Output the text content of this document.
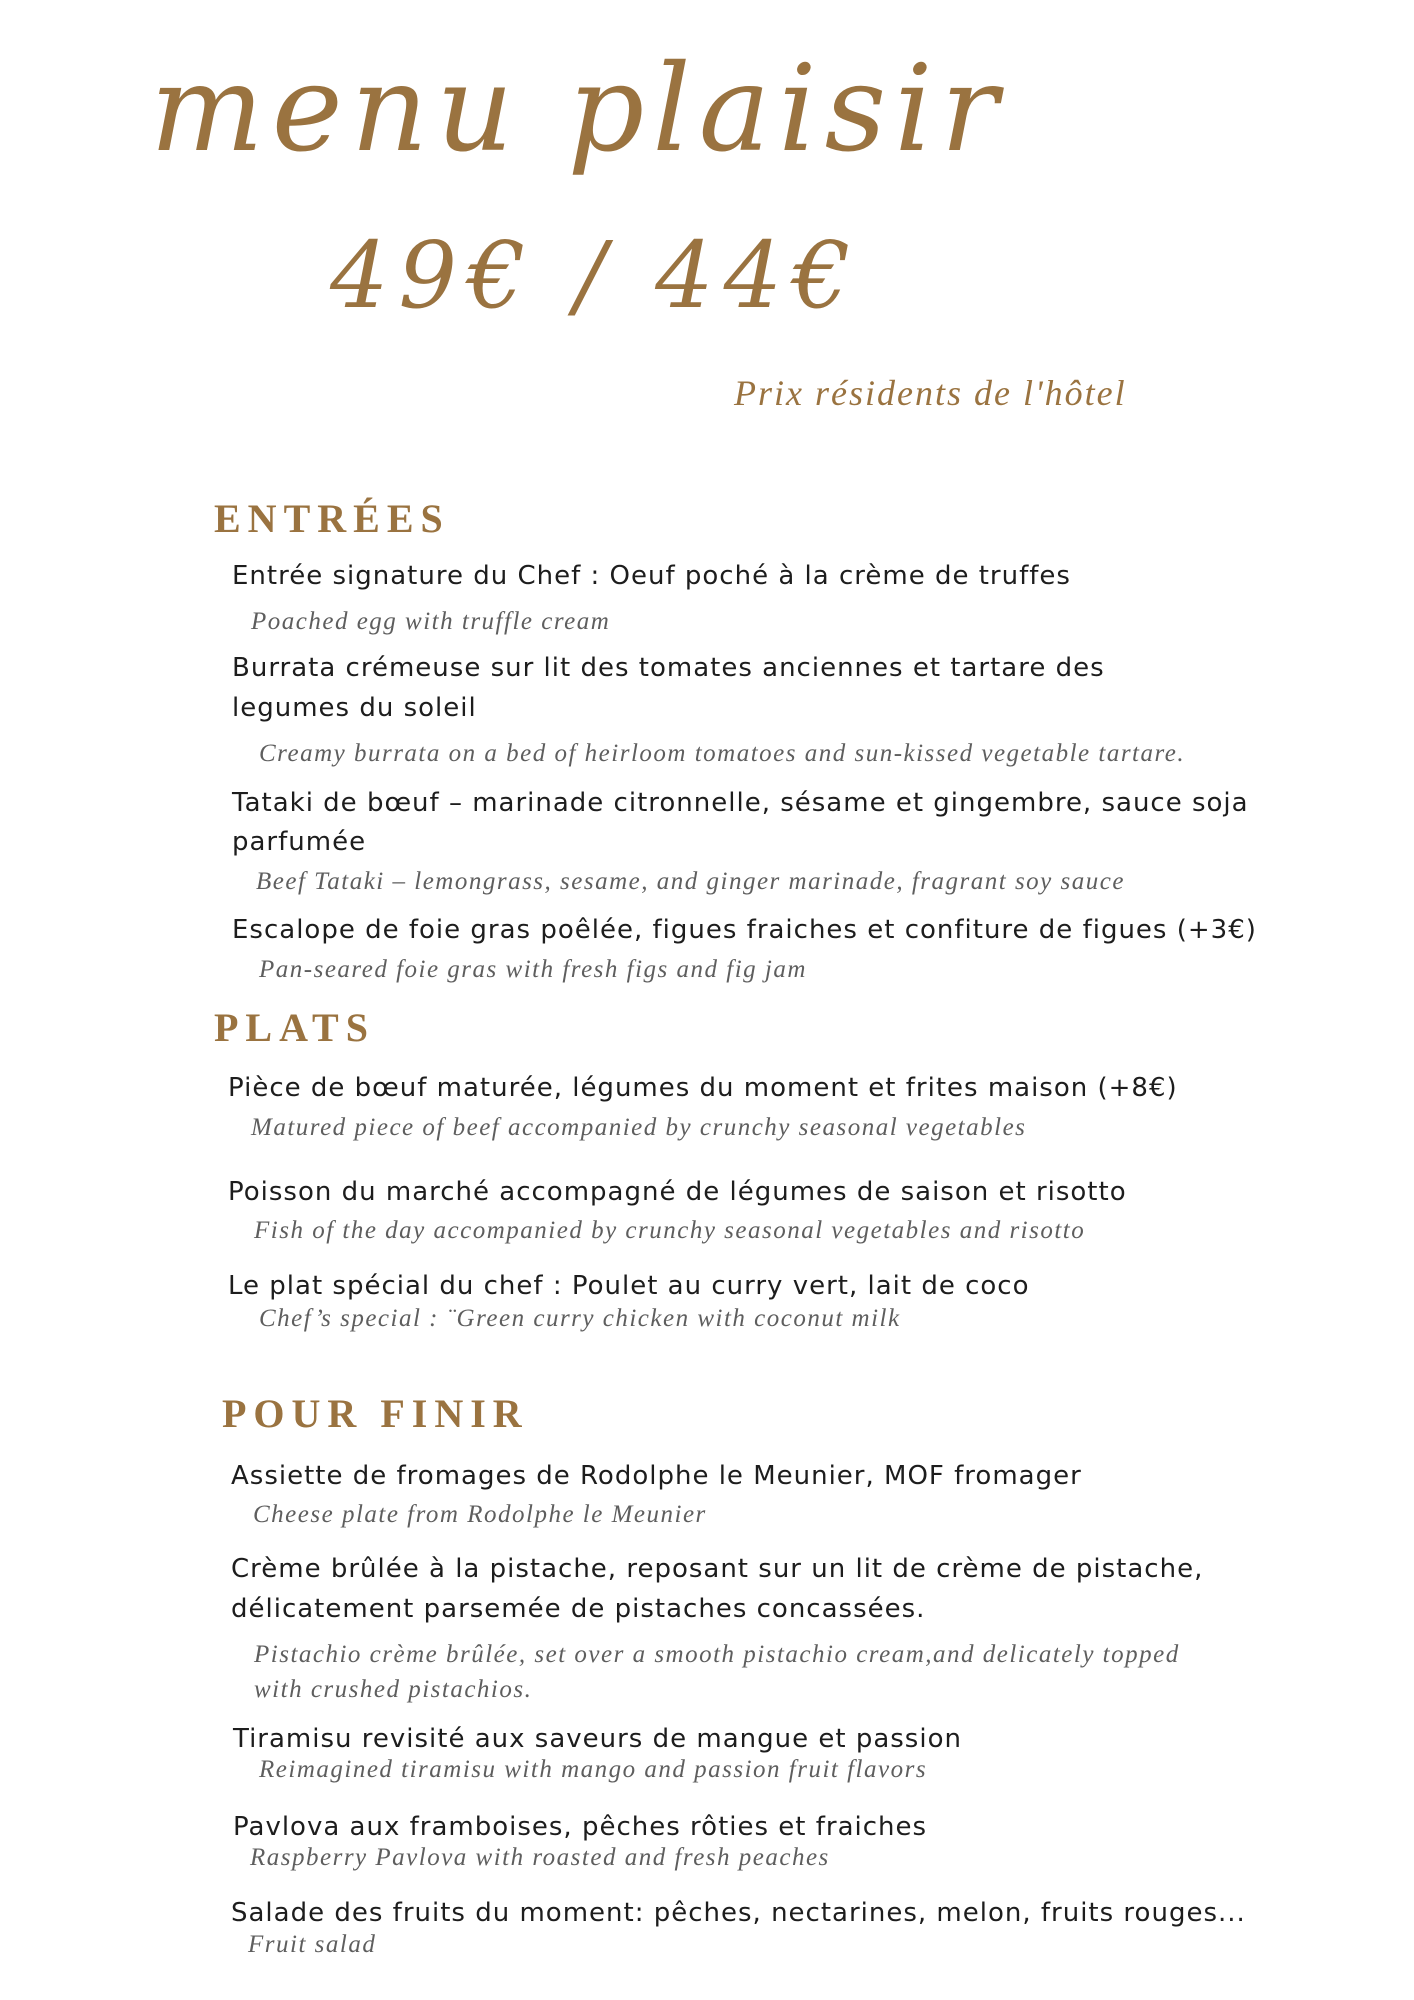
menu plaisir
49€ / 44€
Prix résidents de l'hôtel
ENTRÉES

Entrée signature du Chef : Oeuf poché à la crème de truffes

Poached egg with truffle cream

Burrata crémeuse sur lit des tomates anciennes et tartare des

legumes du soleil

Creamy burrata on a bed of heirloom tomatoes and sun-kissed vegetable tartare.

Tataki de bœuf – marinade citronnelle, sésame et gingembre, sauce soja

parfumée

Beef Tataki – lemongrass, sesame, and ginger marinade, fragrant soy sauce

Escalope de foie gras poêlée, figues fraiches et confiture de figues (+3€)

Pan-seared foie gras with fresh figs and fig jam

PLATS

Pièce de bœuf maturée, légumes du moment et frites maison (+8€)

Matured piece of beef accompanied by crunchy seasonal vegetables

Poisson du marché accompagné de légumes de saison et risotto

Fish of the day accompanied by crunchy seasonal vegetables and risotto

Le plat spécial du chef : Poulet au curry vert, lait de coco

Chef’s special : ¨Green curry chicken with coconut milk

POUR FINIR

Assiette de fromages de Rodolphe le Meunier, MOF fromager

Cheese plate from Rodolphe le Meunier

Crème brûlée à la pistache, reposant sur un lit de crème de pistache,

délicatement parsemée de pistaches concassées.

Pistachio crème brûlée, set over a smooth pistachio cream,and delicately topped

with crushed pistachios.

Tiramisu revisité aux saveurs de mangue et passion

Reimagined tiramisu with mango and passion fruit flavors

Pavlova aux framboises, pêches rôties et fraiches

Raspberry Pavlova with roasted and fresh peaches

Salade des fruits du moment: pêches, nectarines, melon, fruits rouges...

Fruit salad
